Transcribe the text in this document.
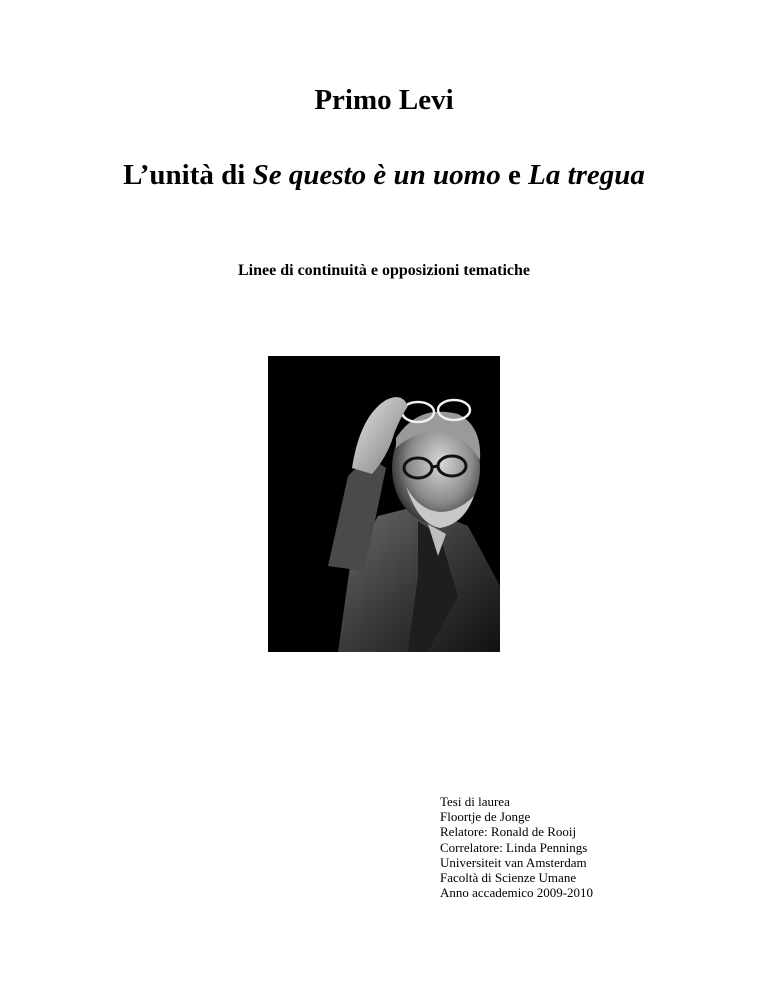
Primo Levi
L’unità di Se questo è un uomo e La tregua

Linee di continuità e opposizioni tematiche

Tesi di laurea
Floortje de Jonge
Relatore: Ronald de Rooij
Correlatore: Linda Pennings
Universiteit van Amsterdam
Facoltà di Scienze Umane
Anno accademico 2009-2010
